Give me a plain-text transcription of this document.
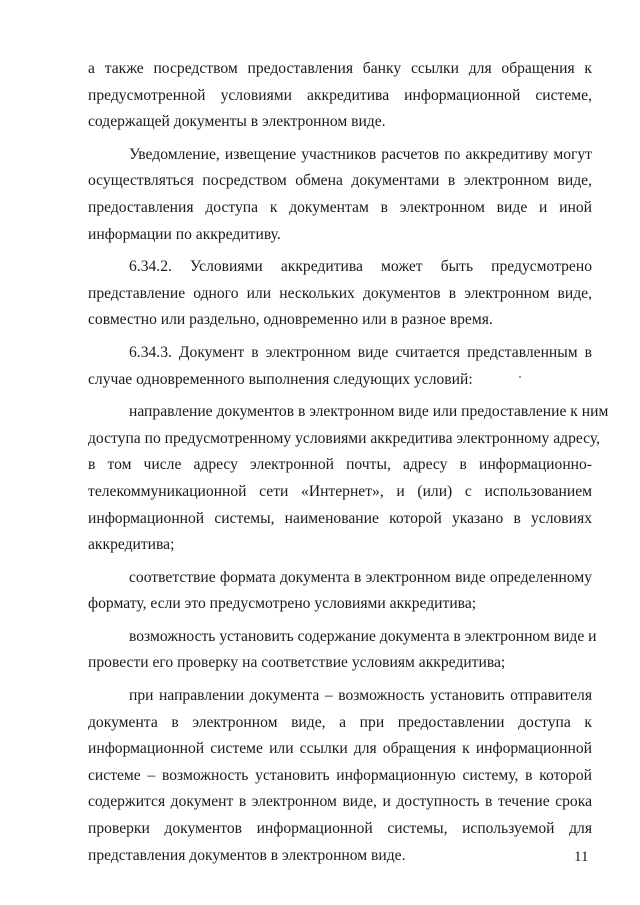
а также посредством предоставления банку ссылки для обращения к
предусмотренной условиями аккредитива информационной системе,
содержащей документы в электронном виде.

Уведомление, извещение участников расчетов по аккредитиву могут
осуществляться посредством обмена документами в электронном виде,
предоставления доступа к документам в электронном виде и иной
информации по аккредитиву.

6.34.2. Условиями аккредитива может быть предусмотрено
представление одного или нескольких документов в электронном виде,
совместно или раздельно, одновременно или в разное время.

6.34.3. Документ в электронном виде считается представленным в
случае одновременного выполнения следующих условий:

направление документов в электронном виде или предоставление к ним
доступа по предусмотренному условиями аккредитива электронному адресу,
в том числе адресу электронной почты, адресу в информационно-
телекоммуникационной сети «Интернет», и (или) с использованием
информационной системы, наименование которой указано в условиях
аккредитива;

соответствие формата документа в электронном виде определенному
формату, если это предусмотрено условиями аккредитива;

возможность установить содержание документа в электронном виде и
провести его проверку на соответствие условиям аккредитива;

при направлении документа – возможность установить отправителя
документа в электронном виде, а при предоставлении доступа к
информационной системе или ссылки для обращения к информационной
системе – возможность установить информационную систему, в которой
содержится документ в электронном виде, и доступность в течение срока
проверки документов информационной системы, используемой для
представления документов в электронном виде.	11
